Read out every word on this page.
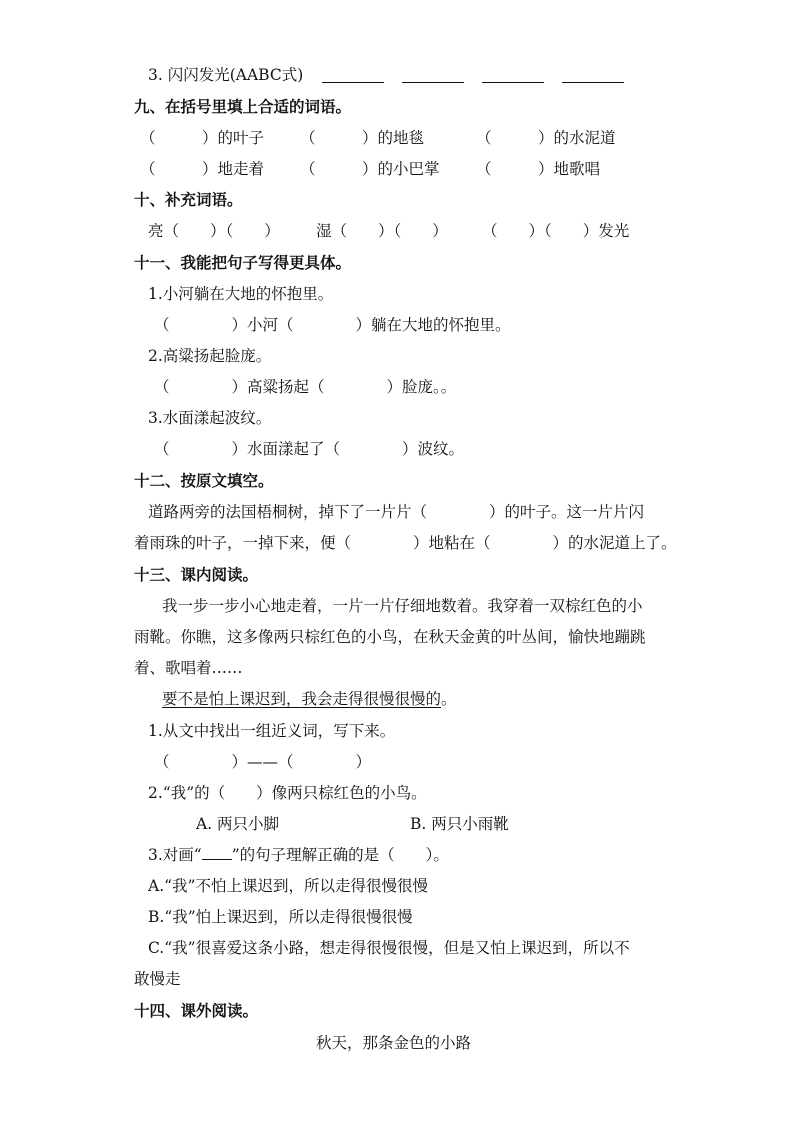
3. 闪闪发光(AABC式)
九、在括号里填上合适的词语。
（　　　）的叶子 （　　　）的地毯	（　　　）的水泥道
（　　　）地走着 （　　　）的小巴掌 （　　　）地歌唱
十、补充词语。
亮（　　）（　　） 湿（　　）（　　） （　　）（　　）发光
十一、我能把句子写得更具体。
1.小河躺在大地的怀抱里。
（　　　　）小河（　　　　）躺在大地的怀抱里。
2.高粱扬起脸庞。
（　　　　）高粱扬起（　　　　）脸庞。。
3.水面漾起波纹。
（　　　　）水面漾起了（　　　　）波纹。
十二、按原文填空。
道路两旁的法国梧桐树，掉下了一片片（　　　　）的叶子。这一片片闪
着雨珠的叶子，一掉下来，便（　　　　）地粘在（　　　　）的水泥道上了。
十三、课内阅读。
我一步一步小心地走着，一片一片仔细地数着。我穿着一双棕红色的小
雨靴。你瞧，这多像两只棕红色的小鸟，在秋天金黄的叶丛间，愉快地蹦跳
着、歌唱着……
要不是怕上课迟到，我会走得很慢很慢的。
1.从文中找出一组近义词，写下来。
（　　　　）——（　　　　）
2.“我”的（　　）像两只棕红色的小鸟。
A. 两只小脚	B. 两只小雨靴
3.对画“ ”的句子理解正确的是（　　）。
A.“我”不怕上课迟到，所以走得很慢很慢
B.“我”怕上课迟到，所以走得很慢很慢
C.“我”很喜爱这条小路，想走得很慢很慢，但是又怕上课迟到，所以不
敢慢走
十四、课外阅读。
秋天，那条金色的小路
